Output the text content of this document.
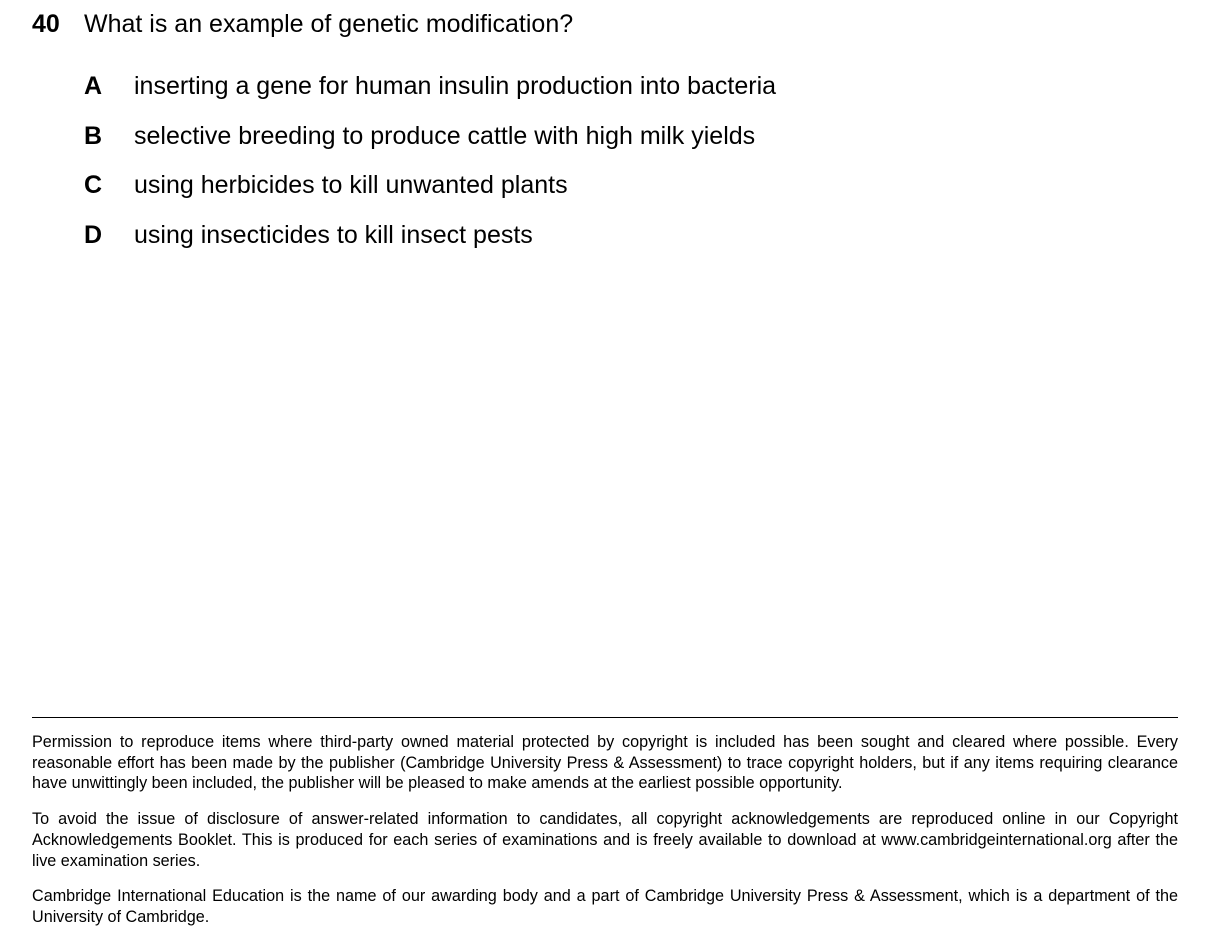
40 What is an example of genetic modification?
A inserting a gene for human insulin production into bacteria
B selective breeding to produce cattle with high milk yields
C using herbicides to kill unwanted plants
D using insecticides to kill insect pests

Permission to reproduce items where third-party owned material protected by copyright is included has been sought and cleared where possible. Every reasonable effort has been made by the publisher (Cambridge University Press & Assessment) to trace copyright holders, but if any items requiring clearance have unwittingly been included, the publisher will be pleased to make amends at the earliest possible opportunity.

To avoid the issue of disclosure of answer-related information to candidates, all copyright acknowledgements are reproduced online in our Copyright Acknowledgements Booklet. This is produced for each series of examinations and is freely available to download at www.cambridgeinternational.org after the live examination series.

Cambridge International Education is the name of our awarding body and a part of Cambridge University Press & Assessment, which is a department of the University of Cambridge.
